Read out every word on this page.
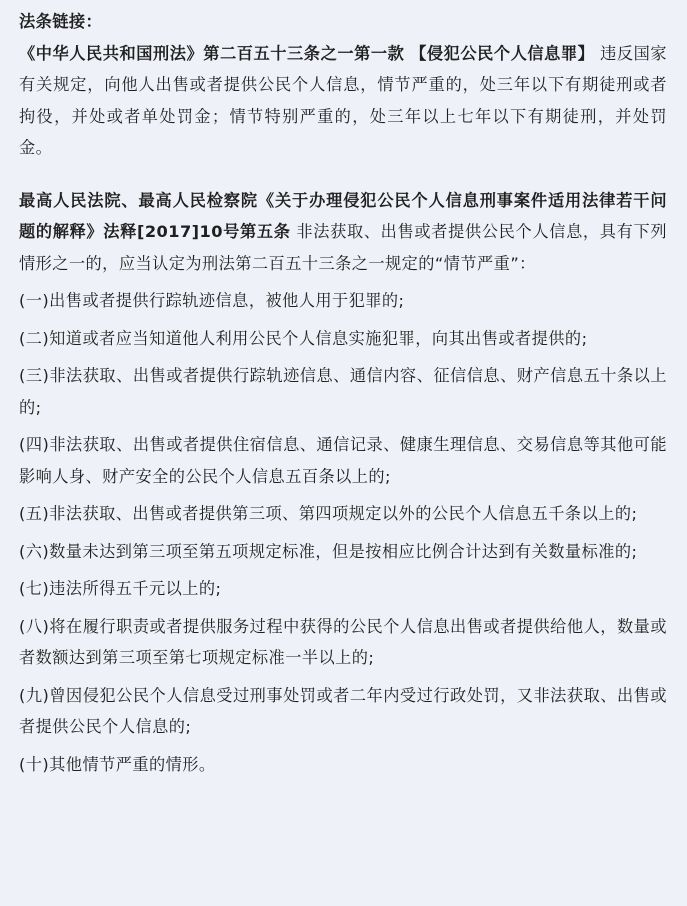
法条链接：

《中华人民共和国刑法》第二百五十三条之一第一款 【侵犯公民个人信息罪】 违反国家有关规定，向他人出售或者提供公民个人信息，情节严重的，处三年以下有期徒刑或者拘役，并处或者单处罚金；情节特别严重的，处三年以上七年以下有期徒刑，并处罚金。

最高人民法院、最高人民检察院《关于办理侵犯公民个人信息刑事案件适用法律若干问题的解释》法释[2017]10号第五条 非法获取、出售或者提供公民个人信息，具有下列情形之一的，应当认定为刑法第二百五十三条之一规定的“情节严重”：

(一)出售或者提供行踪轨迹信息，被他人用于犯罪的;

(二)知道或者应当知道他人利用公民个人信息实施犯罪，向其出售或者提供的;

(三)非法获取、出售或者提供行踪轨迹信息、通信内容、征信信息、财产信息五十条以上的;

(四)非法获取、出售或者提供住宿信息、通信记录、健康生理信息、交易信息等其他可能影响人身、财产安全的公民个人信息五百条以上的;

(五)非法获取、出售或者提供第三项、第四项规定以外的公民个人信息五千条以上的;

(六)数量未达到第三项至第五项规定标准，但是按相应比例合计达到有关数量标准的;

(七)违法所得五千元以上的;

(八)将在履行职责或者提供服务过程中获得的公民个人信息出售或者提供给他人，数量或者数额达到第三项至第七项规定标准一半以上的;

(九)曾因侵犯公民个人信息受过刑事处罚或者二年内受过行政处罚，又非法获取、出售或者提供公民个人信息的;

(十)其他情节严重的情形。
